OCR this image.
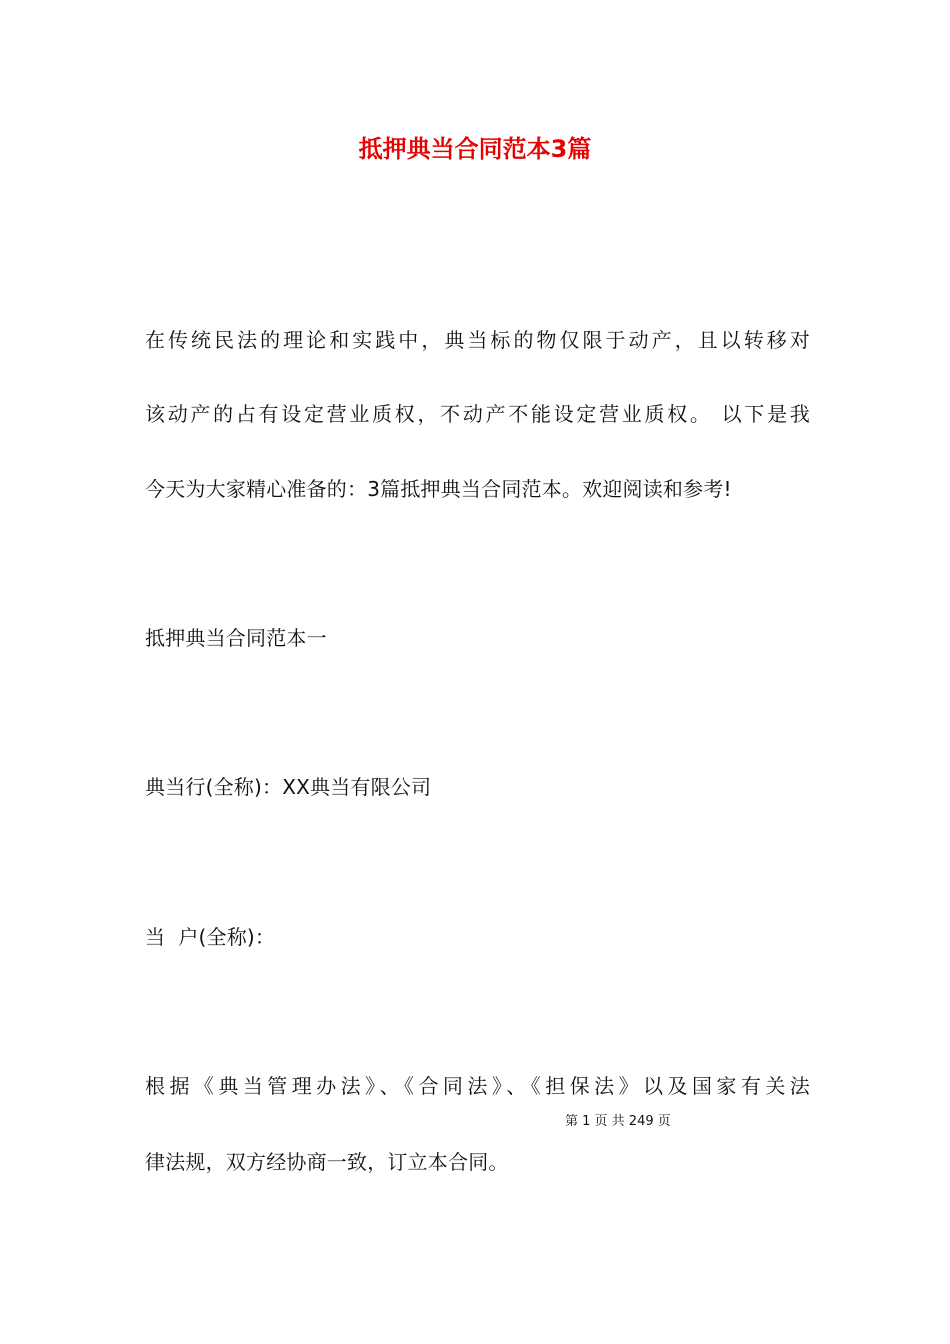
抵押典当合同范本3篇
在传统民法的理论和实践中，典当标的物仅限于动产，且以转移对
该动产的占有设定营业质权，不动产不能设定营业质权。 以下是我
今天为大家精心准备的：3篇抵押典当合同范本。欢迎阅读和参考!
抵押典当合同范本一
典当行(全称)：XX典当有限公司
当  户(全称)：
根据《典当管理办法》、《合同法》、《担保法》以及国家有关法
第 1 页 共 249 页
律法规，双方经协商一致，订立本合同。
